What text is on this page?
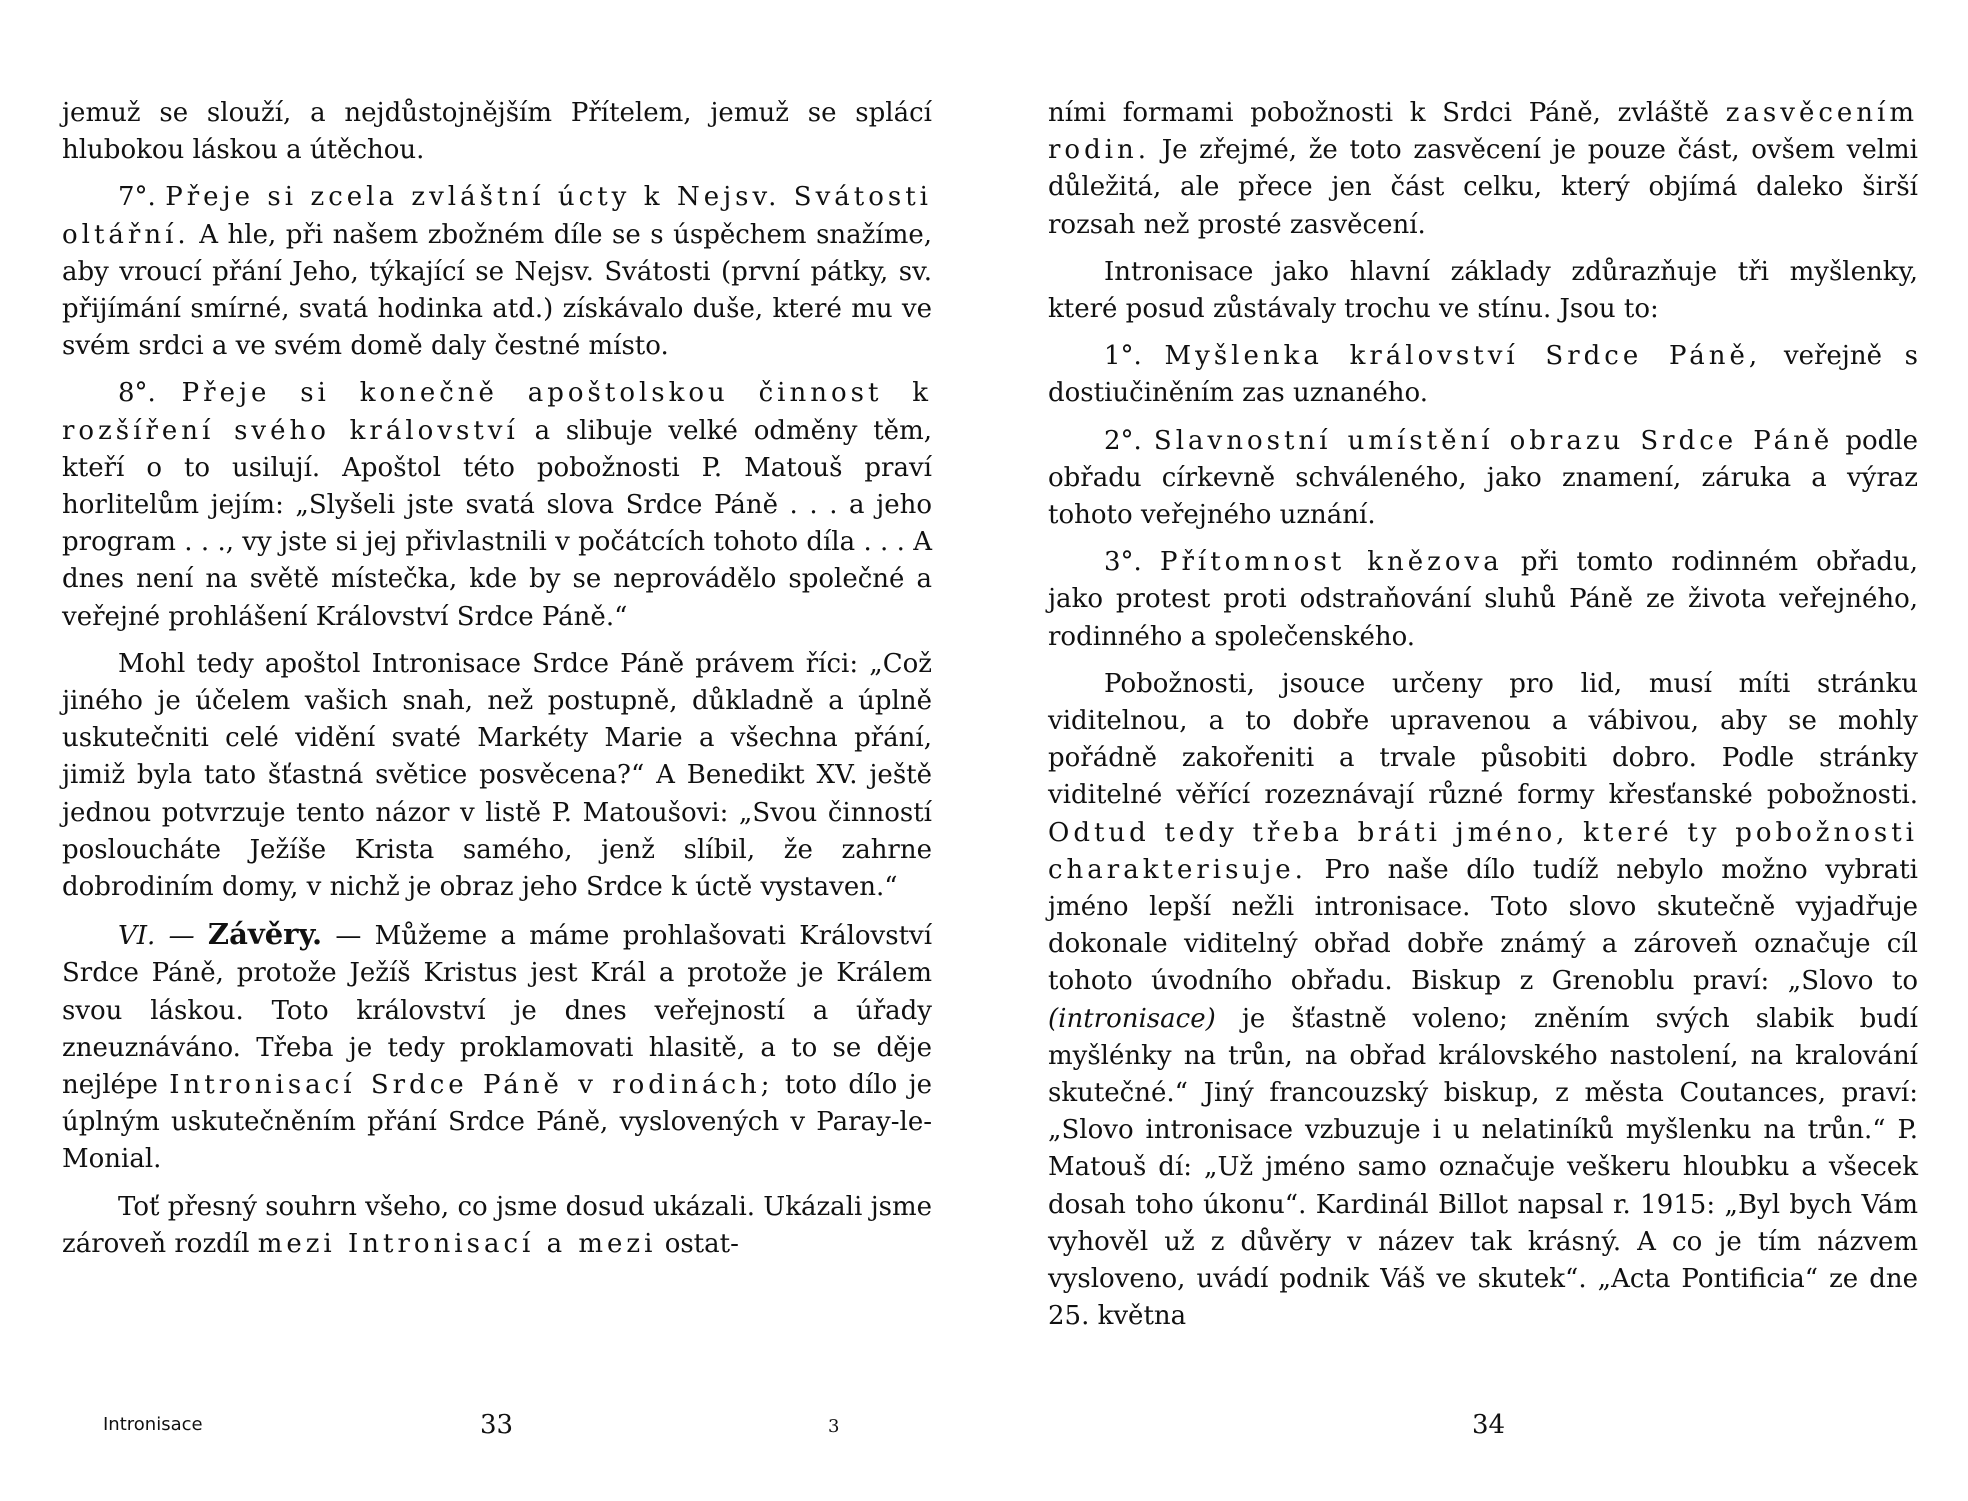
jemuž se slouží, a nejdůstojnějším Přítelem, jemuž se splácí hlubokou láskou a útěchou.

7°. Přeje si zcela zvláštní úcty k Nejsv. Svátosti oltářní. A hle, při našem zbožném díle se s úspěchem snažíme, aby vroucí přání Jeho, týkající se Nejsv. Svátosti (první pátky, sv. přijímání smírné, svatá hodinka atd.) získávalo duše, které mu ve svém srdci a ve svém domě daly čestné místo.

8°. Přeje si konečně apoštolskou činnost k rozšíření svého království a slibuje velké odměny těm, kteří o to usilují. Apoštol této pobožnosti P. Matouš praví horlitelům jejím: „Slyšeli jste svatá slova Srdce Páně . . . a jeho program . . ., vy jste si jej přivlastnili v počátcích tohoto díla . . . A dnes není na světě místečka, kde by se neprovádělo společné a veřejné prohlášení Království Srdce Páně.“

Mohl tedy apoštol Intronisace Srdce Páně právem říci: „Což jiného je účelem vašich snah, než postupně, důkladně a úplně uskutečniti celé vidění svaté Markéty Marie a všechna přání, jimiž byla tato šťastná světice posvěcena?“ A Benedikt XV. ještě jednou potvrzuje tento názor v listě P. Matoušovi: „Svou činností posloucháte Ježíše Krista samého, jenž slíbil, že zahrne dobrodiním domy, v nichž je obraz jeho Srdce k úctě vystaven.“

VI. — Závěry. — Můžeme a máme prohlašovati Království Srdce Páně, protože Ježíš Kristus jest Král a protože je Králem svou láskou. Toto království je dnes veřejností a úřady zneuznáváno. Třeba je tedy proklamovati hlasitě, a to se děje nejlépe Intronisací Srdce Páně v rodinách; toto dílo je úplným uskutečněním přání Srdce Páně, vyslovených v Paray-le-Monial.

Toť přesný souhrn všeho, co jsme dosud ukázali. Ukázali jsme zároveň rozdíl mezi Intronisací a mezi ostat-

ními formami pobožnosti k Srdci Páně, zvláště zasvěcením rodin. Je zřejmé, že toto zasvěcení je pouze část, ovšem velmi důležitá, ale přece jen část celku, který objímá daleko širší rozsah než prosté zasvěcení.

Intronisace jako hlavní základy zdůrazňuje tři myšlenky, které posud zůstávaly trochu ve stínu. Jsou to:

1°. Myšlenka království Srdce Páně, veřejně s dostiučiněním zas uznaného.

2°. Slavnostní umístění obrazu Srdce Páně podle obřadu církevně schváleného, jako znamení, záruka a výraz tohoto veřejného uznání.

3°. Přítomnost knězova při tomto rodinném obřadu, jako protest proti odstraňování sluhů Páně ze života veřejného, rodinného a společenského.

Pobožnosti, jsouce určeny pro lid, musí míti stránku viditelnou, a to dobře upravenou a vábivou, aby se mohly pořádně zakořeniti a trvale působiti dobro. Podle stránky viditelné věřící rozeznávají různé formy křesťanské pobožnosti. Odtud tedy třeba bráti jméno, které ty pobožnosti charakterisuje. Pro naše dílo tudíž nebylo možno vybrati jméno lepší nežli intronisace. Toto slovo skutečně vyjadřuje dokonale viditelný obřad dobře známý a zároveň označuje cíl tohoto úvodního obřadu. Biskup z Grenoblu praví: „Slovo to (intronisace) je šťastně voleno; zněním svých slabik budí myšlénky na trůn, na obřad královského nastolení, na kralování skutečné.“ Jiný francouzský biskup, z města Coutances, praví: „Slovo intronisace vzbuzuje i u nelatiníků myšlenku na trůn.“ P. Matouš dí: „Už jméno samo označuje veškeru hloubku a všecek dosah toho úkonu“. Kardinál Billot napsal r. 1915: „Byl bych Vám vyhověl už z důvěry v název tak krásný. A co je tím názvem vysloveno, uvádí podnik Váš ve skutek“. „Acta Pontificia“ ze dne 25. května

Intronisace	33	3	34
